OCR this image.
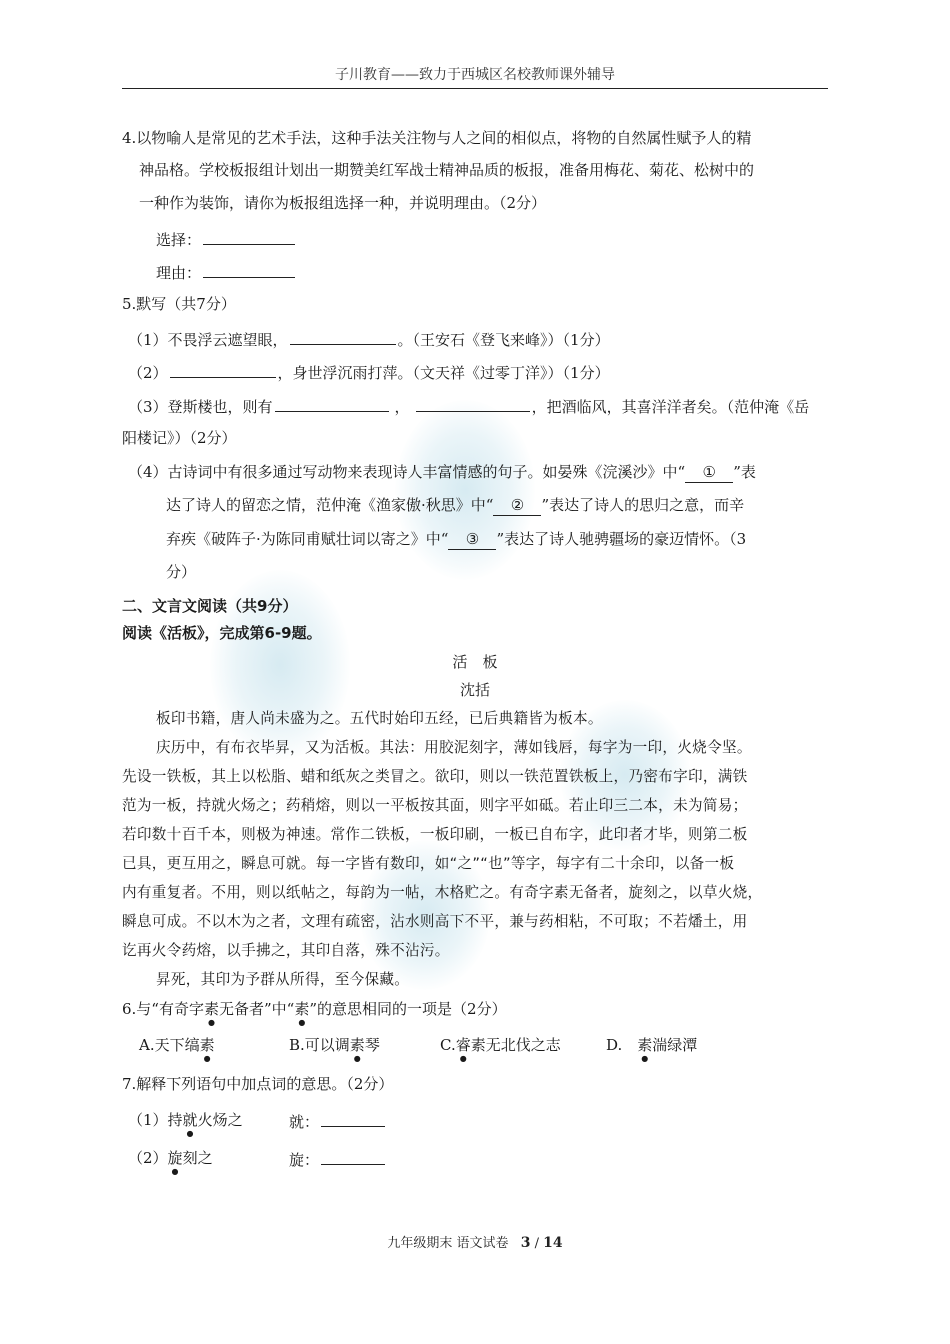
子川教育——致力于西城区名校教师课外辅导
4.以物喻人是常见的艺术手法，这种手法关注物与人之间的相似点，将物的自然属性赋予人的精
神品格。学校板报组计划出一期赞美红军战士精神品质的板报，准备用梅花、菊花、松树中的
一种作为装饰，请你为板报组选择一种，并说明理由。（2分）
选择：
理由：
5.默写（共7分）
（1）不畏浮云遮望眼，	。（王安石《登飞来峰》）（1分）
（2）	，身世浮沉雨打萍。（文天祥《过零丁洋》）（1分）
（3）登斯楼也，则有	，	，把酒临风，其喜洋洋者矣。（范仲淹《岳
阳楼记》）（2分）
（4）古诗词中有很多通过写动物来表现诗人丰富情感的句子。如晏殊《浣溪沙》中“ ① ”表
达了诗人的留恋之情，范仲淹《渔家傲·秋思》中“ ② ”表达了诗人的思归之意，而辛
弃疾《破阵子·为陈同甫赋壮词以寄之》中“ ③ ”表达了诗人驰骋疆场的豪迈情怀。（3
分）
二、文言文阅读（共9分）
阅读《活板》，完成第6-9题。
活　板
沈括
板印书籍，唐人尚未盛为之。五代时始印五经，已后典籍皆为板本。
庆历中，有布衣毕昇，又为活板。其法：用胶泥刻字，薄如钱唇，每字为一印，火烧令坚。
先设一铁板，其上以松脂、蜡和纸灰之类冒之。欲印，则以一铁范置铁板上，乃密布字印，满铁
范为一板，持就火炀之；药稍熔，则以一平板按其面，则字平如砥。若止印三二本，未为简易；
若印数十百千本，则极为神速。常作二铁板，一板印刷，一板已自布字，此印者才毕，则第二板
已具，更互用之，瞬息可就。每一字皆有数印，如“之”“也”等字，每字有二十余印，以备一板
内有重复者。不用，则以纸帖之，每韵为一帖，木格贮之。有奇字素无备者，旋刻之，以草火烧，
瞬息可成。不以木为之者，文理有疏密，沾水则高下不平，兼与药相粘，不可取；不若燔土，用
讫再火令药熔，以手拂之，其印自落，殊不沾污。
昇死，其印为予群从所得，至今保藏。
6.与“有奇字素无备者”中“素”的意思相同的一项是（2分）
A.天下缟素	B.可以调素琴	C.睿素无北伐之志	D.　素湍绿潭
7.解释下列语句中加点词的意思。（2分）
（1）持就火炀之	就：
（2）旋刻之	旋：
九年级期末 语文试卷 3 / 14
